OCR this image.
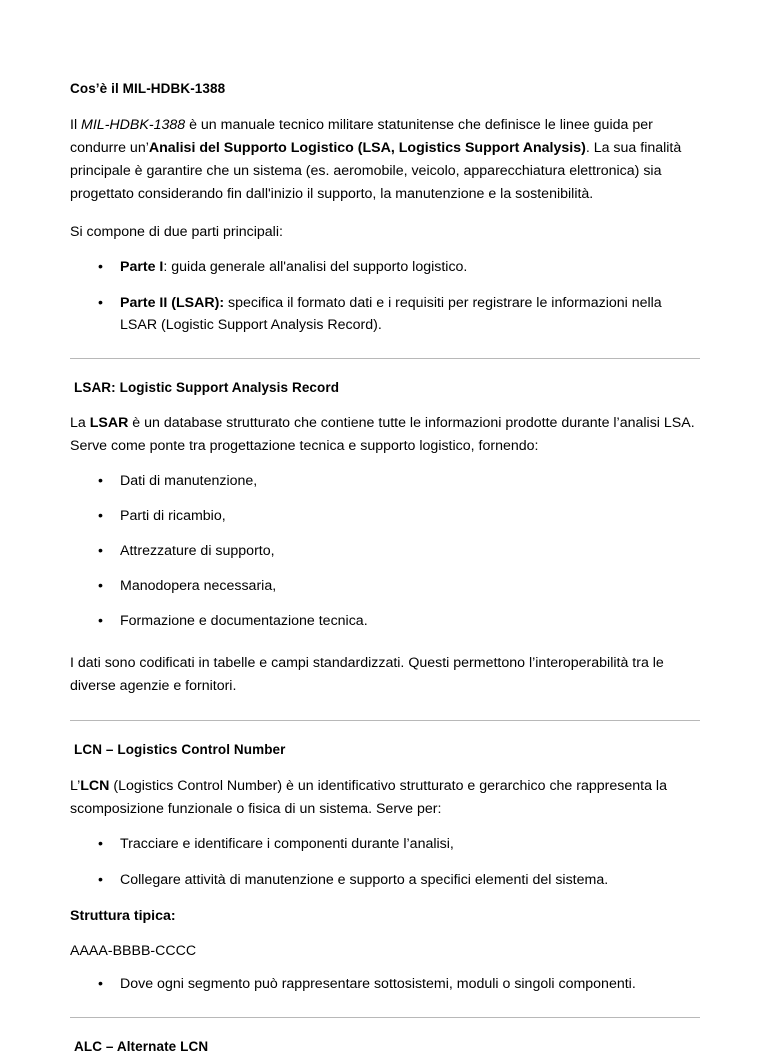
Cos’è il MIL-HDBK-1388

Il MIL-HDBK-1388 è un manuale tecnico militare statunitense che definisce le linee guida per condurre un’Analisi del Supporto Logistico (LSA, Logistics Support Analysis). La sua finalità principale è garantire che un sistema (es. aeromobile, veicolo, apparecchiatura elettronica) sia progettato considerando fin dall'inizio il supporto, la manutenzione e la sostenibilità.

Si compone di due parti principali:

• Parte I: guida generale all'analisi del supporto logistico.
• Parte II (LSAR): specifica il formato dati e i requisiti per registrare le informazioni nella LSAR (Logistic Support Analysis Record).
LSAR: Logistic Support Analysis Record

La LSAR è un database strutturato che contiene tutte le informazioni prodotte durante l’analisi LSA. Serve come ponte tra progettazione tecnica e supporto logistico, fornendo:

• Dati di manutenzione,
• Parti di ricambio,
• Attrezzature di supporto,
• Manodopera necessaria,
• Formazione e documentazione tecnica.

I dati sono codificati in tabelle e campi standardizzati. Questi permettono l’interoperabilità tra le diverse agenzie e fornitori.

LCN – Logistics Control Number

L’LCN (Logistics Control Number) è un identificativo strutturato e gerarchico che rappresenta la scomposizione funzionale o fisica di un sistema. Serve per:

• Tracciare e identificare i componenti durante l’analisi,
• Collegare attività di manutenzione e supporto a specifici elementi del sistema.

Struttura tipica:

AAAA-BBBB-CCCC

• Dove ogni segmento può rappresentare sottosistemi, moduli o singoli componenti.
ALC – Alternate LCN
